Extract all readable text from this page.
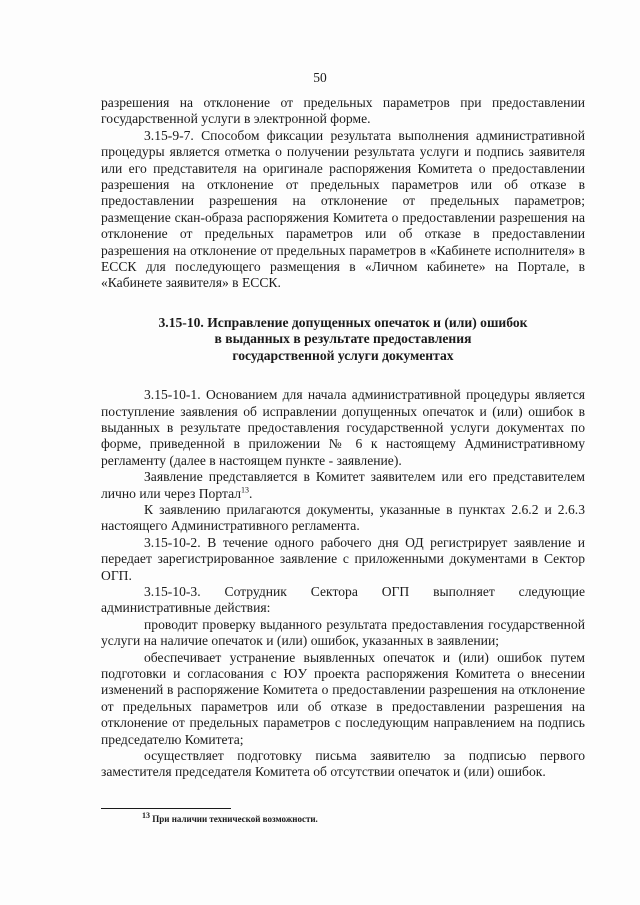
50

разрешения на отклонение от предельных параметров при предоставлении государственной услуги в электронной форме.

3.15-9-7. Способом фиксации результата выполнения административной процедуры является отметка о получении результата услуги и подпись заявителя или его представителя на оригинале распоряжения Комитета о предоставлении разрешения на отклонение от предельных параметров или об отказе в предоставлении разрешения на отклонение от предельных параметров; размещение скан-образа распоряжения Комитета о предоставлении разрешения на отклонение от предельных параметров или об отказе в предоставлении разрешения на отклонение от предельных параметров в «Кабинете исполнителя» в ЕССК для последующего размещения в «Личном кабинете» на Портале, в «Кабинете заявителя» в ЕССК.

3.15-10. Исправление допущенных опечаток и (или) ошибок
в выданных в результате предоставления
государственной услуги документах

3.15-10-1. Основанием для начала административной процедуры является поступление заявления об исправлении допущенных опечаток и (или) ошибок в выданных в результате предоставления государственной услуги документах по форме, приведенной в приложении № 6 к настоящему Административному регламенту (далее в настоящем пункте - заявление).

Заявление представляется в Комитет заявителем или его представителем лично или через Портал$^{13}$.

К заявлению прилагаются документы, указанные в пунктах 2.6.2 и 2.6.3 настоящего Административного регламента.

3.15-10-2. В течение одного рабочего дня ОД регистрирует заявление и передает зарегистрированное заявление с приложенными документами в Сектор ОГП.

3.15-10-3. Сотрудник Сектора ОГП выполняет следующие административные действия:

проводит проверку выданного результата предоставления государственной услуги на наличие опечаток и (или) ошибок, указанных в заявлении;

обеспечивает устранение выявленных опечаток и (или) ошибок путем подготовки и согласования с ЮУ проекта распоряжения Комитета о внесении изменений в распоряжение Комитета о предоставлении разрешения на отклонение от предельных параметров или об отказе в предоставлении разрешения на отклонение от предельных параметров с последующим направлением на подпись председателю Комитета;

осуществляет подготовку письма заявителю за подписью первого заместителя председателя Комитета об отсутствии опечаток и (или) ошибок.

$^{13}$ При наличии технической возможности.
